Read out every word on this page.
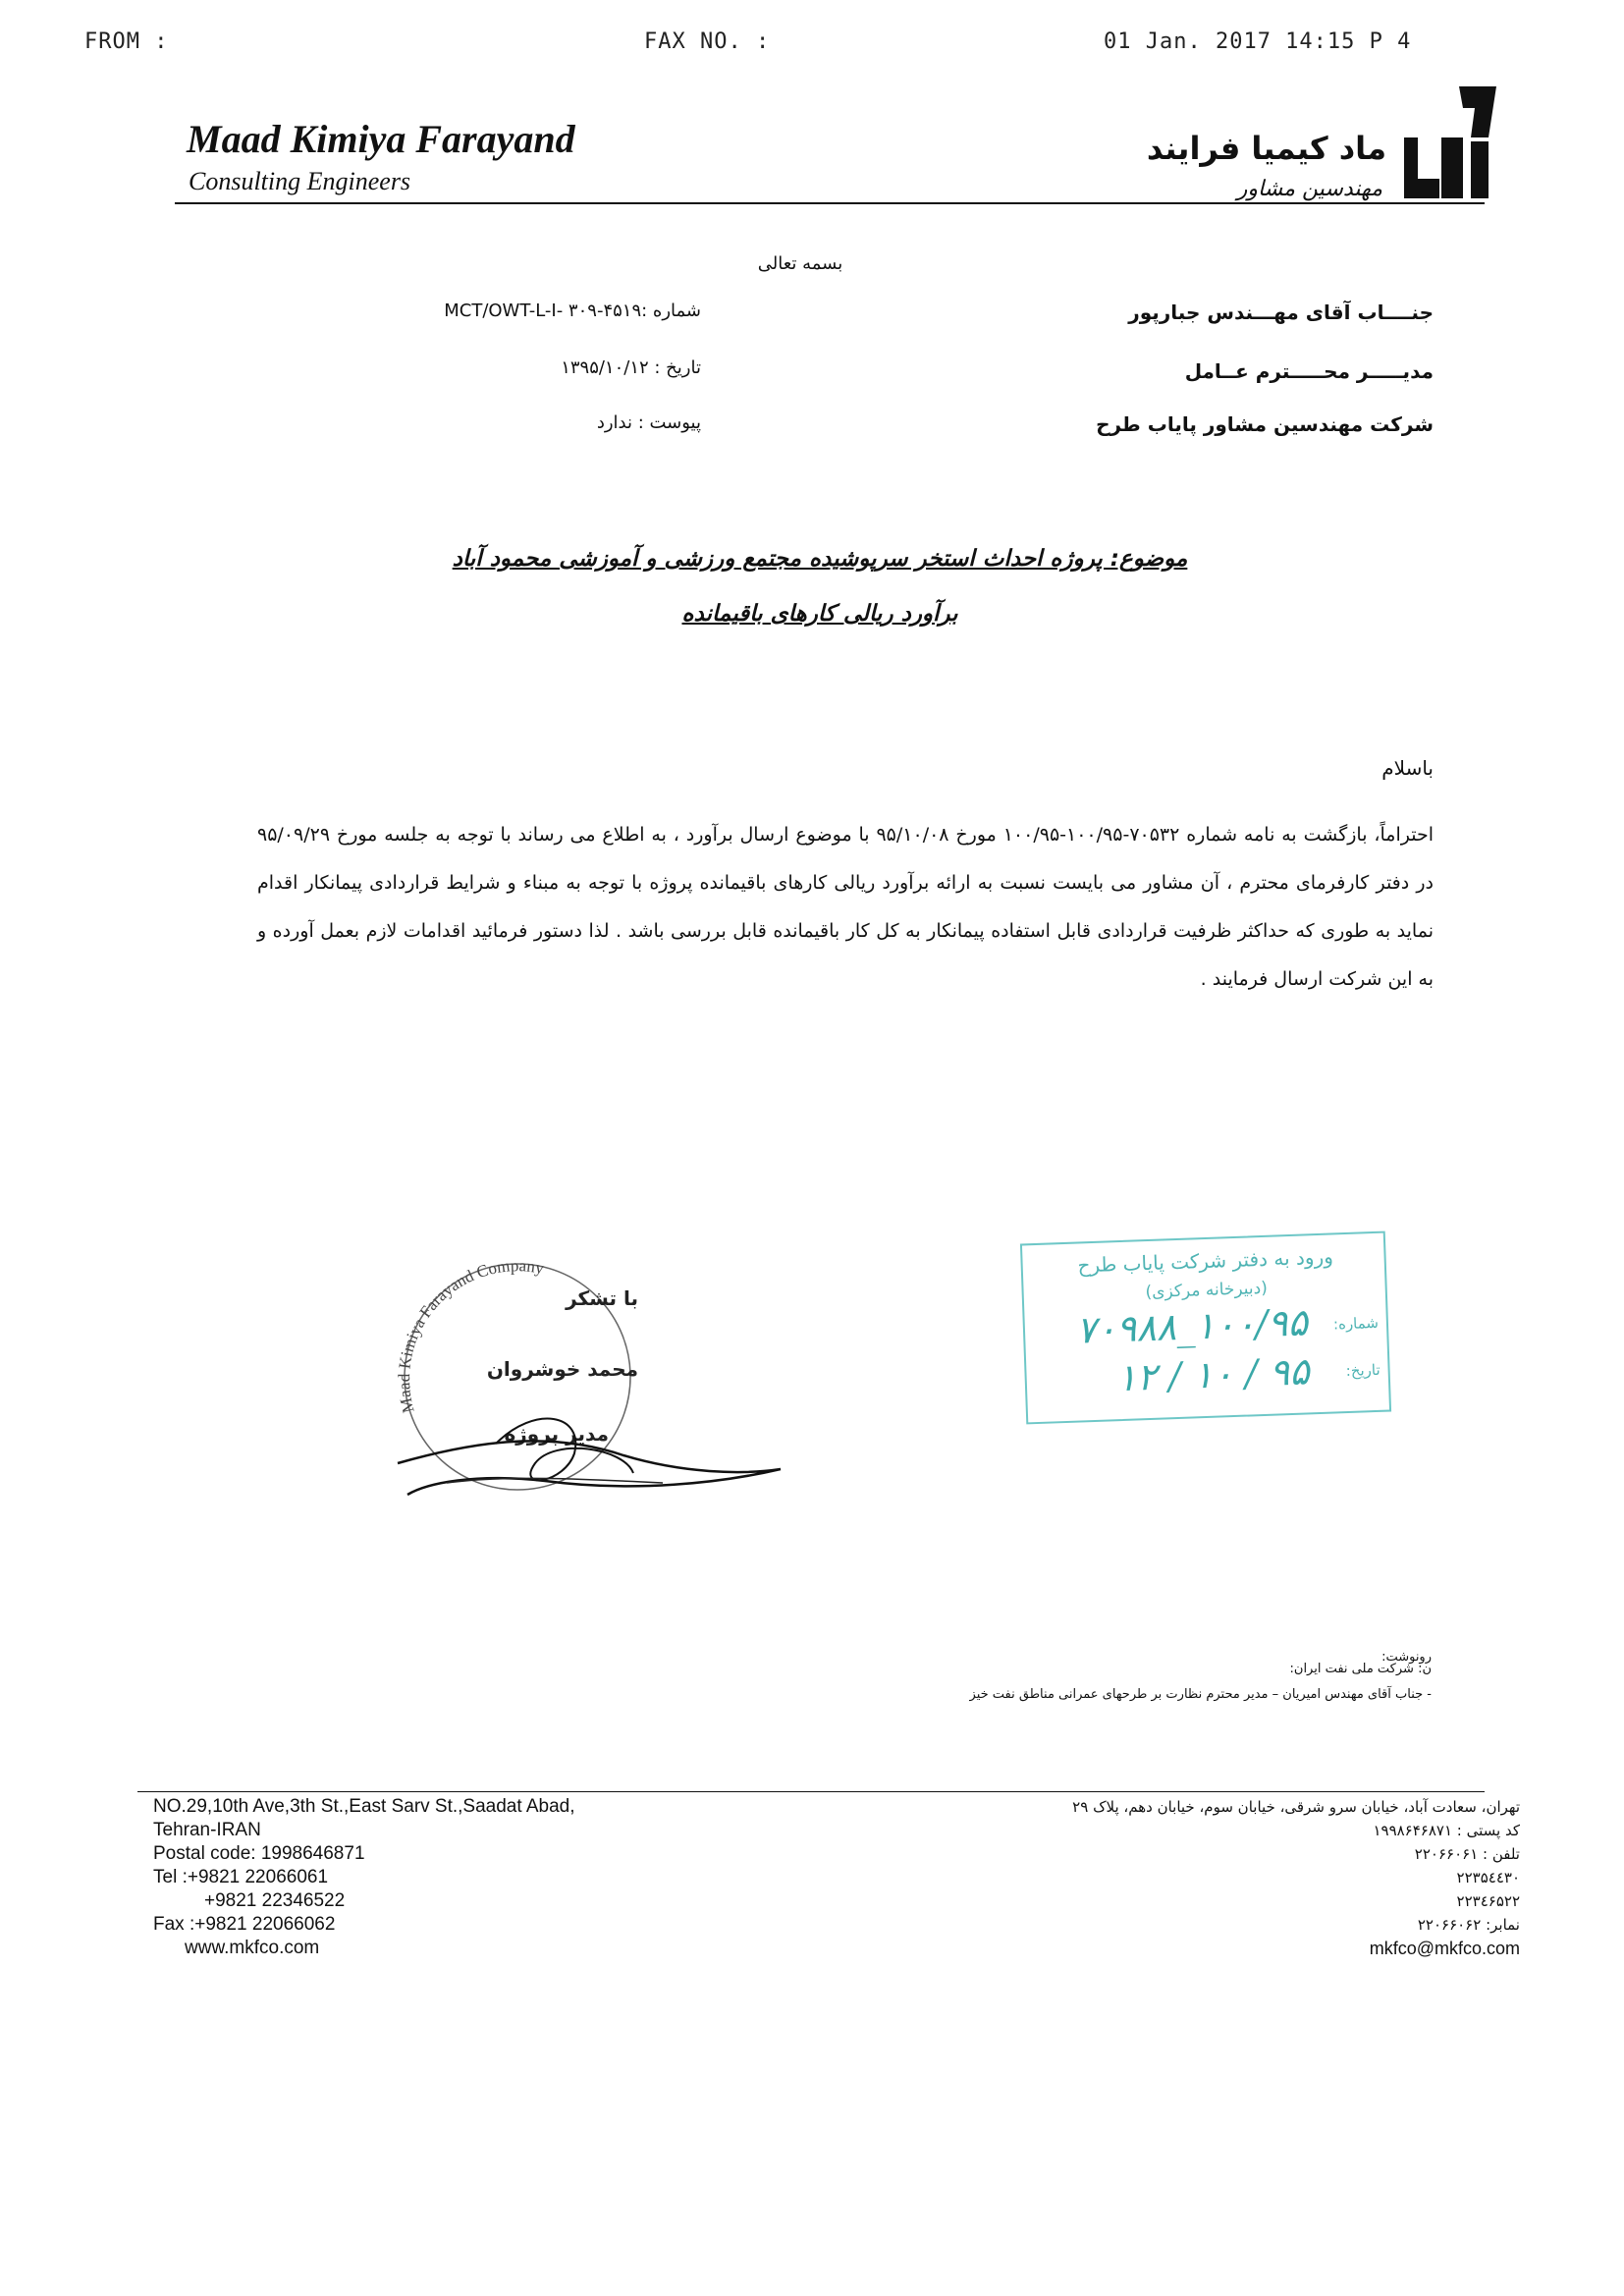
FROM :	FAX NO. :	01 Jan. 2017 14:15 P 4
Maad Kimiya Farayand
Consulting Engineers
ماد کیمیا فرایند
مهندسین مشاور
بسمه تعالی
شماره :۴۵۱۹-MCT/OWT-L-I- ۳۰۹
تاریخ : ۱۳۹۵/۱۰/۱۲
پیوست : ندارد
جنــــاب آقای مهـــندس جبارپور
مدیـــــر محـــــترم عــامل
شرکت مهندسین مشاور پایاب طرح
موضوع: پروژه احداث استخر سرپوشیده مجتمع ورزشی و آموزشی محمود آباد
برآورد ریالی کارهای باقیمانده
باسلام
احتراماً، بازگشت به نامه شماره ۷۰۵۳۲-۱۰۰/۹۵-۱۰۰/۹۵ مورخ ۹۵/۱۰/۰۸ با موضوع ارسال برآورد ، به اطلاع می رساند با توجه به جلسه مورخ ۹۵/۰۹/۲۹ در دفتر کارفرمای محترم ، آن مشاور می بایست نسبت به ارائه برآورد ریالی کارهای باقیمانده پروژه با توجه به مبناء و شرایط قراردادی پیمانکار اقدام نماید به طوری که حداکثر ظرفیت قراردادی قابل استفاده پیمانکار به کل کار باقیمانده قابل بررسی باشد . لذا دستور فرمائید اقدامات لازم بعمل آورده و به این شرکت ارسال فرمایند .
Maad Kimiya Farayand Company
با تشکر
محمد خوشروان
مدیر پروژه
ورود به دفتر شرکت پایاب طرح
(دبیرخانه مرکزی)
شماره:
۱۰۰/۹۵_۷۰۹۸۸
تاریخ:
۹۵ / ۱۰ / ۱۲
رونوشت:
ن: شرکت ملی نفت ایران:
- جناب آقای مهندس امیریان – مدیر محترم نظارت بر طرحهای عمرانی مناطق نفت خیز
NO.29,10th Ave,3th St.,East Sarv St.,Saadat Abad,
Tehran-IRAN
Postal code: 1998646871
Tel :+9821 22066061
+9821 22346522
Fax :+9821 22066062
www.mkfco.com
تهران، سعادت آباد، خیابان سرو شرقی، خیابان سوم، خیابان دهم، پلاک ۲۹
کد پستی : ۱۹۹۸۶۴۶۸۷۱
تلفن : ۲۲۰۶۶۰۶۱
۲۲۳۵٤٤۳۰
۲۲۳٤۶۵۲۲
نمابر: ۲۲۰۶۶۰۶۲
mkfco@mkfco.com
